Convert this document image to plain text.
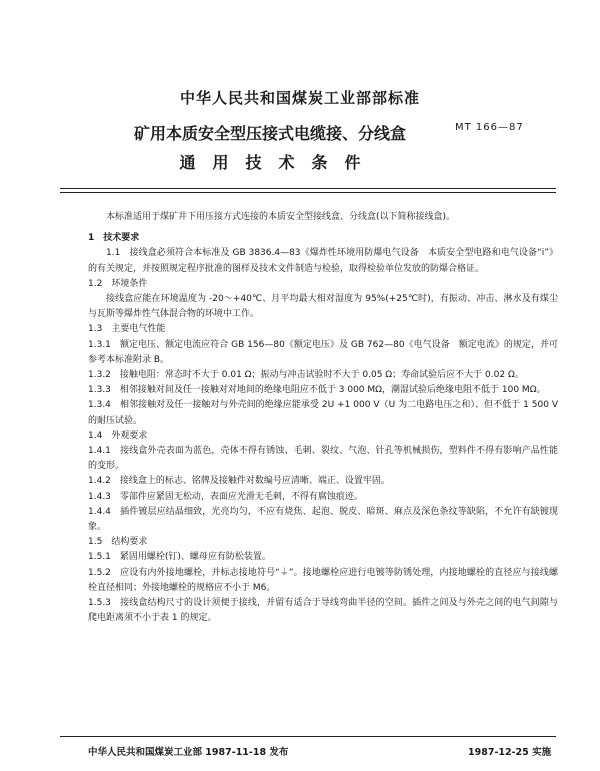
中华人民共和国煤炭工业部部标准
矿用本质安全型压接式电缆接、分线盒	MT 166—87
通用技术条件

本标准适用于煤矿井下用压接方式连接的本质安全型接线盒、分线盒(以下简称接线盒)。

1　技术要求

1.1　接线盒必须符合本标准及 GB 3836.4—83《爆炸性环境用防爆电气设备　本质安全型电路和电气设备“i”》的有关规定，并按照规定程序批准的图样及技术文件制造与检验，取得检验单位发放的防爆合格证。

1.2　环境条件

接线盒应能在环境温度为 -20～+40℃、月平均最大相对湿度为 95%(+25℃时)，有振动、冲击、淋水及有煤尘与瓦斯等爆炸性气体混合物的环境中工作。

1.3　主要电气性能

1.3.1　额定电压、额定电流应符合 GB 156—80《额定电压》及 GB 762—80《电气设备　额定电流》的规定，并可参考本标准附录 B。

1.3.2　接触电阻：常态时不大于 0.01 Ω；振动与冲击试验时不大于 0.05 Ω；寿命试验后应不大于 0.02 Ω。

1.3.3　相邻接触对间及任一接触对对地间的绝缘电阻应不低于 3 000 MΩ，潮湿试验后绝缘电阻不低于 100 MΩ。

1.3.4　相邻接触对及任一接触对与外壳间的绝缘应能承受 2U +1 000 V（U 为二电路电压之和）、但不低于 1 500 V 的耐压试验。

1.4　外观要求

1.4.1　接线盒外壳表面为蓝色，壳体不得有锈蚀、毛刺、裂纹、气泡、针孔等机械损伤，塑料件不得有影响产品性能的变形。

1.4.2　接线盒上的标志、铭牌及接触件对数编号应清晰、端正、设置牢固。

1.4.3　零部件应紧固无松动，表面应光滑无毛刺，不得有腐蚀痕迹。

1.4.4　插件镀层应结晶细致，光亮均匀，不应有烧焦、起泡、脱皮、暗斑、麻点及深色条纹等缺陷，不允许有缺镀现象。

1.5　结构要求

1.5.1　紧固用螺栓(钉)、螺母应有防松装置。

1.5.2　应设有内外接地螺栓，并标志接地符号“⏚”。接地螺栓应进行电镀等防锈处理，内接地螺栓的直径应与接线螺栓直径相同；外接地螺栓的规格应不小于 M6。

1.5.3　接线盒结构尺寸的设计须便于接线，并留有适合于导线弯曲半径的空间。插件之间及与外壳之间的电气间隙与爬电距离须不小于表 1 的规定。

中华人民共和国煤炭工业部 1987-11-18 发布	1987-12-25 实施
